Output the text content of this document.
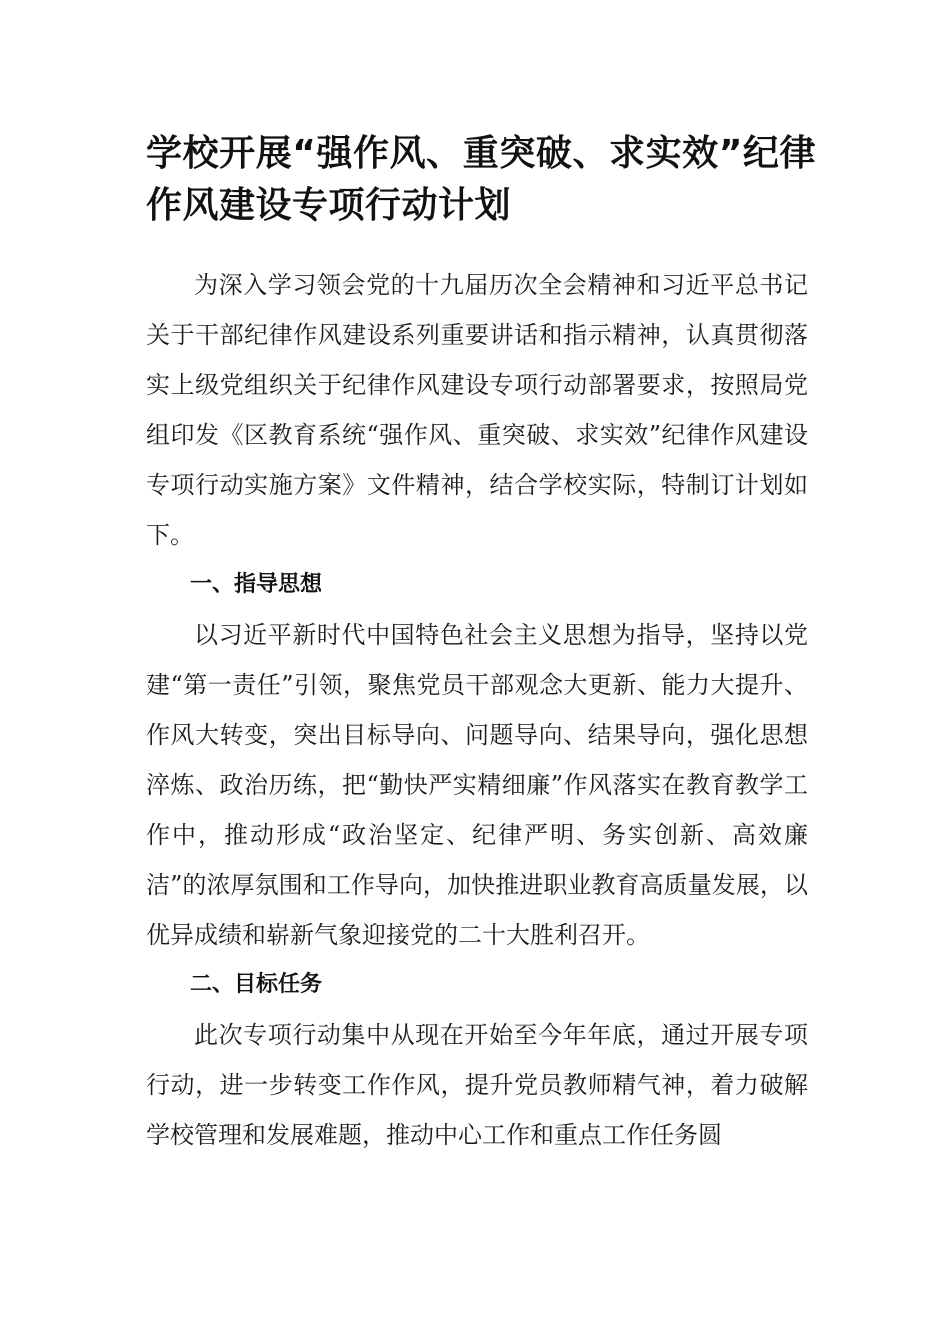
学校开展“强作风、重突破、求实效”纪律作风建设专项行动计划

为深入学习领会党的十九届历次全会精神和习近平总书记关于干部纪律作风建设系列重要讲话和指示精神，认真贯彻落实上级党组织关于纪律作风建设专项行动部署要求，按照局党组印发《区教育系统“强作风、重突破、求实效”纪律作风建设专项行动实施方案》文件精神，结合学校实际，特制订计划如下。

一、指导思想

以习近平新时代中国特色社会主义思想为指导，坚持以党建“第一责任”引领，聚焦党员干部观念大更新、能力大提升、作风大转变，突出目标导向、问题导向、结果导向，强化思想淬炼、政治历练，把“勤快严实精细廉”作风落实在教育教学工作中，推动形成“政治坚定、纪律严明、务实创新、高效廉洁”的浓厚氛围和工作导向，加快推进职业教育高质量发展，以优异成绩和崭新气象迎接党的二十大胜利召开。

二、目标任务

此次专项行动集中从现在开始至今年年底，通过开展专项行动，进一步转变工作作风，提升党员教师精气神，着力破解学校管理和发展难题，推动中心工作和重点工作任务圆
